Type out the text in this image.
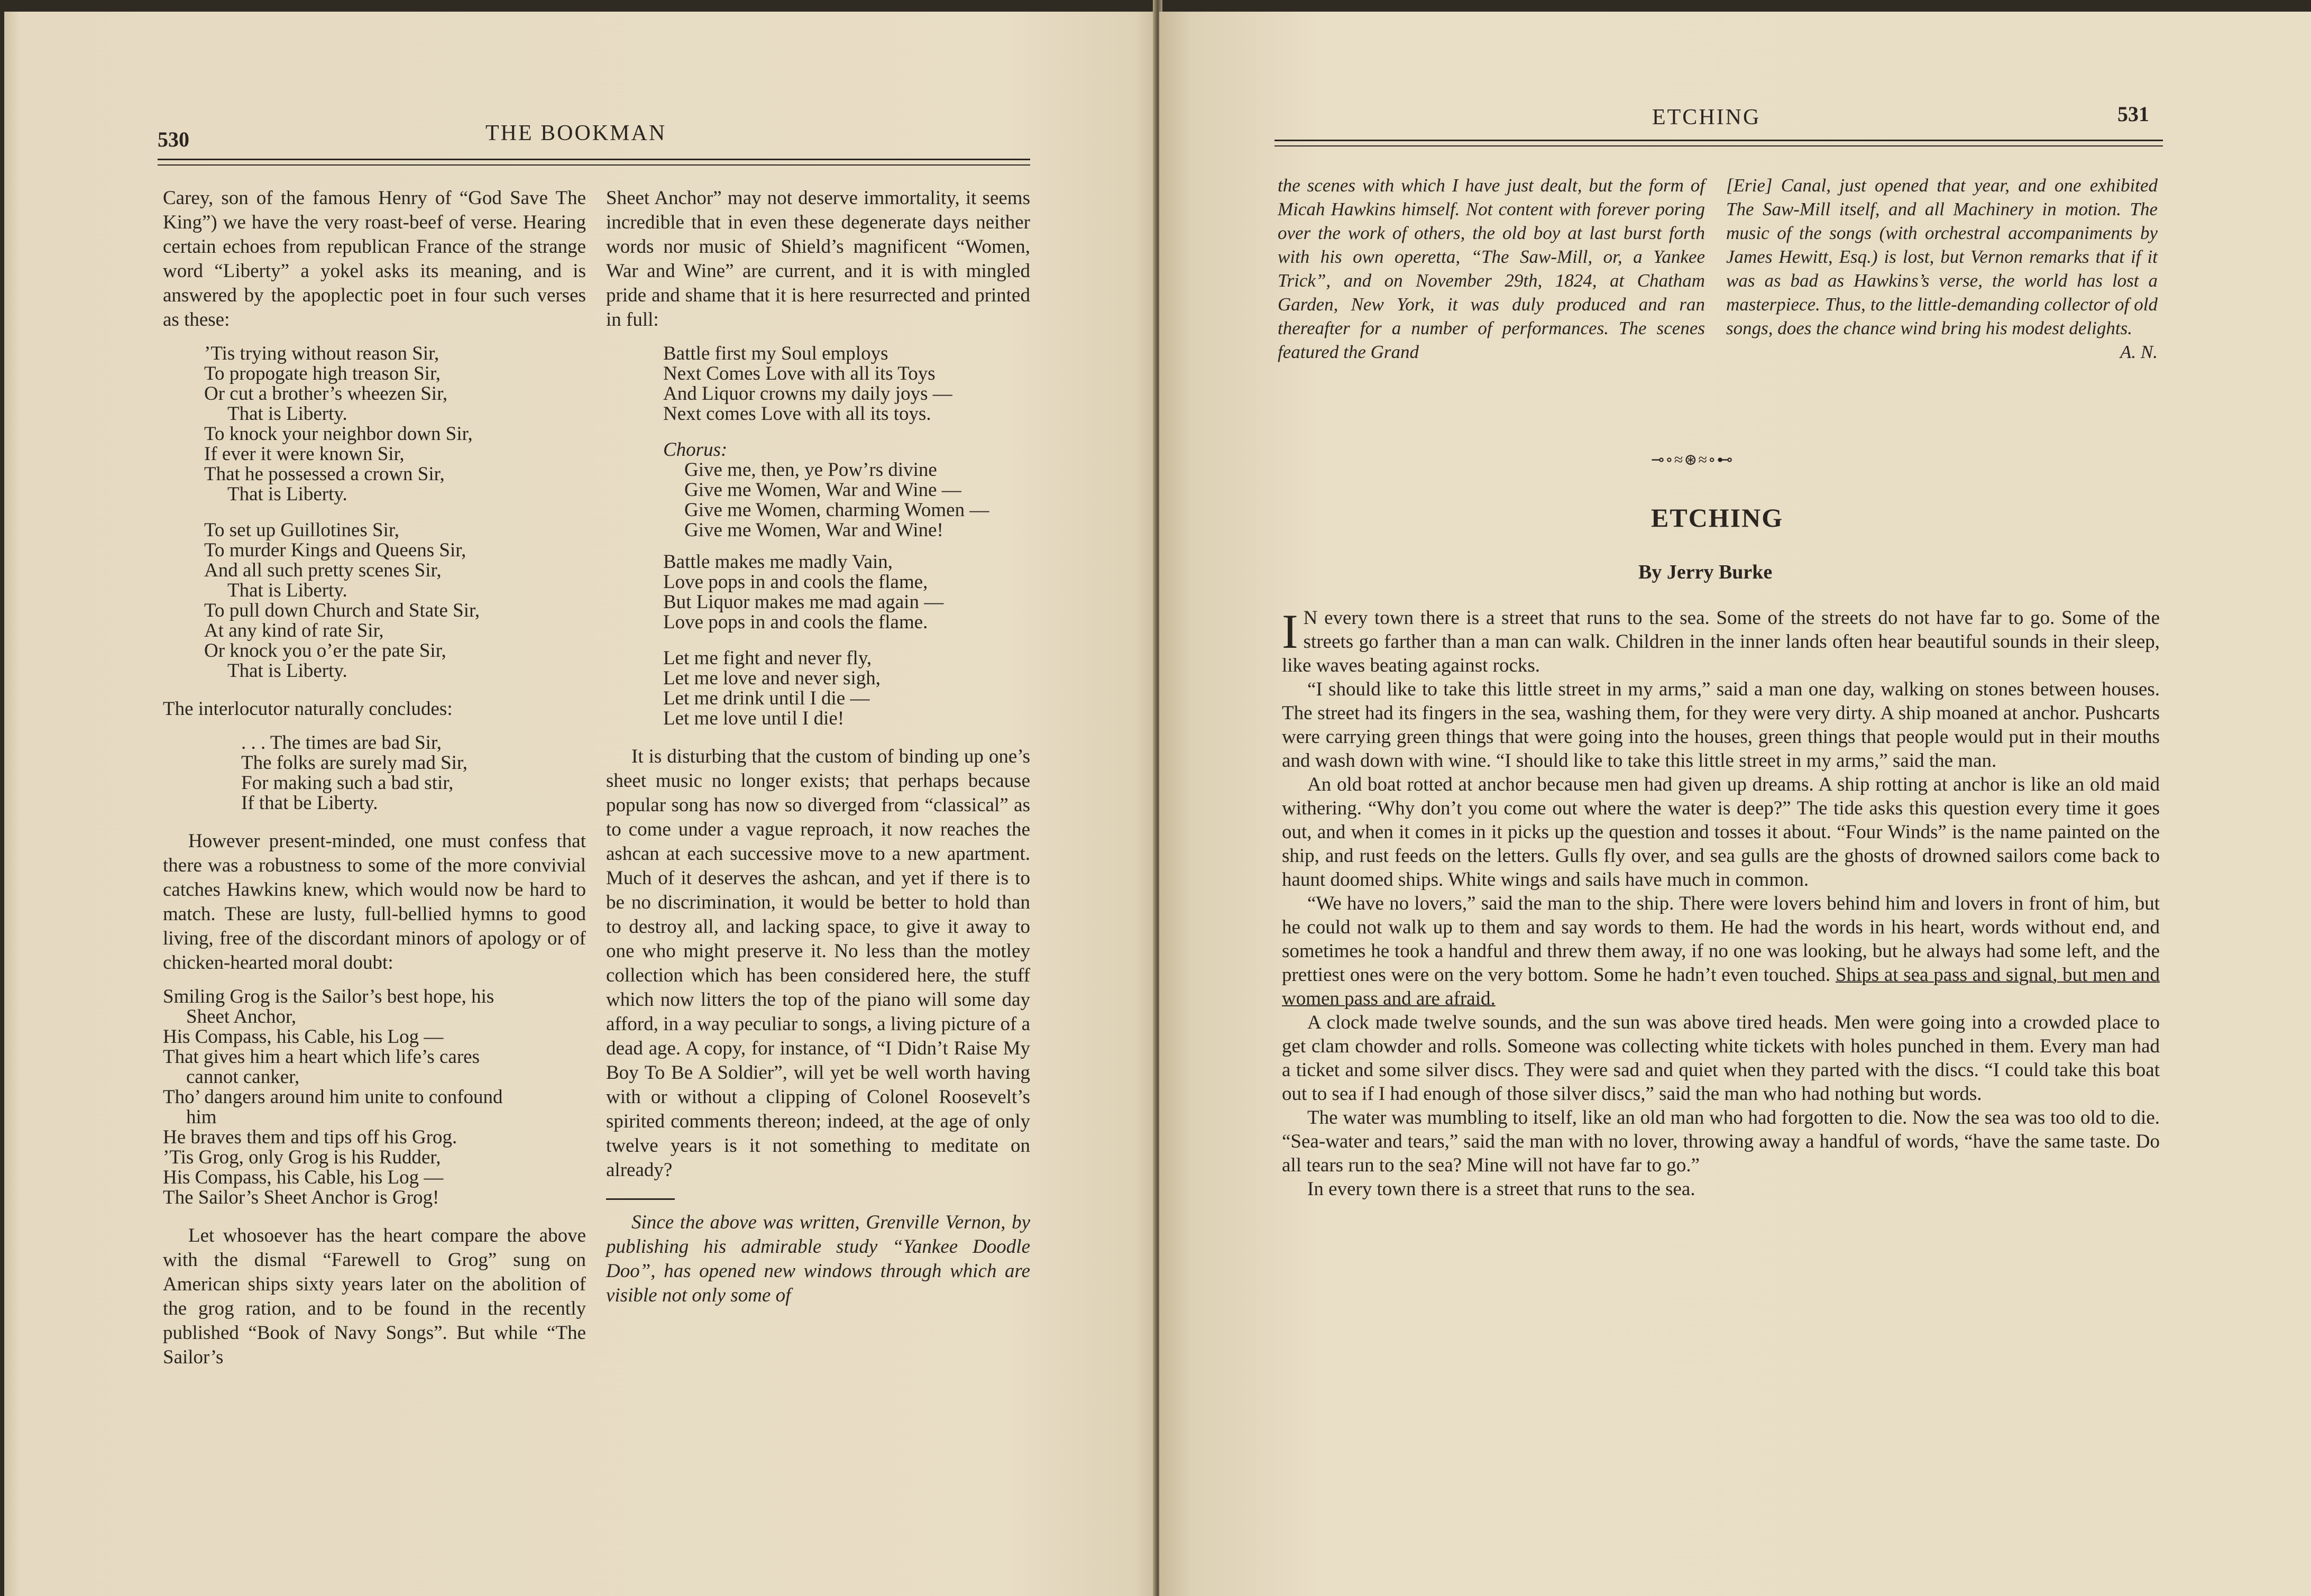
530	THE BOOKMAN

Carey, son of the famous Henry of “God Save The King”) we have the very roast-beef of verse. Hearing certain echoes from republican France of the strange word “Liberty” a yokel asks its meaning, and is answered by the apoplectic poet in four such verses as these:

’Tis trying without reason Sir,
To propogate high treason Sir,
Or cut a brother’s wheezen Sir,
That is Liberty.
To knock your neighbor down Sir,
If ever it were known Sir,
That he possessed a crown Sir,
That is Liberty.
To set up Guillotines Sir,
To murder Kings and Queens Sir,
And all such pretty scenes Sir,
That is Liberty.
To pull down Church and State Sir,
At any kind of rate Sir,
Or knock you o’er the pate Sir,
That is Liberty.

The interlocutor naturally concludes:

. . . The times are bad Sir,
The folks are surely mad Sir,
For making such a bad stir,
If that be Liberty.

However present-minded, one must confess that there was a robustness to some of the more convivial catches Hawkins knew, which would now be hard to match. These are lusty, full-bellied hymns to good living, free of the discordant minors of apology or of chicken-hearted moral doubt:

Smiling Grog is the Sailor’s best hope, his
Sheet Anchor,
His Compass, his Cable, his Log —
That gives him a heart which life’s cares
cannot canker,
Tho’ dangers around him unite to confound
him
He braves them and tips off his Grog.
’Tis Grog, only Grog is his Rudder,
His Compass, his Cable, his Log —
The Sailor’s Sheet Anchor is Grog!

Let whosoever has the heart compare the above with the dismal “Farewell to Grog” sung on American ships sixty years later on the abolition of the grog ration, and to be found in the recently published “Book of Navy Songs”. But while “The Sailor’s

Sheet Anchor” may not deserve immortality, it seems incredible that in even these degenerate days neither words nor music of Shield’s magnificent “Women, War and Wine” are current, and it is with mingled pride and shame that it is here resurrected and printed in full:

Battle first my Soul employs
Next Comes Love with all its Toys
And Liquor crowns my daily joys —
Next comes Love with all its toys.
Chorus:
Give me, then, ye Pow’rs divine
Give me Women, War and Wine —
Give me Women, charming Women —
Give me Women, War and Wine!
Battle makes me madly Vain,
Love pops in and cools the flame,
But Liquor makes me mad again —
Love pops in and cools the flame.
Let me fight and never fly,
Let me love and never sigh,
Let me drink until I die —
Let me love until I die!

It is disturbing that the custom of binding up one’s sheet music no longer exists; that perhaps because popular song has now so diverged from “classical” as to come under a vague reproach, it now reaches the ashcan at each successive move to a new apartment. Much of it deserves the ashcan, and yet if there is to be no discrimination, it would be better to hold than to destroy all, and lacking space, to give it away to one who might preserve it. No less than the motley collection which has been considered here, the stuff which now litters the top of the piano will some day afford, in a way peculiar to songs, a living picture of a dead age. A copy, for instance, of “I Didn’t Raise My Boy To Be A Soldier”, will yet be well worth having with or without a clipping of Colonel Roosevelt’s spirited comments thereon; indeed, at the age of only twelve years is it not something to meditate on already?

Since the above was written, Grenville Vernon, by publishing his admirable study “Yankee Doodle Doo”, has opened new windows through which are visible not only some of

ETCHING	531
the scenes with which I have just dealt, but the form of Micah Hawkins himself. Not content with forever poring over the work of others, the old boy at last burst forth with his own operetta, “The Saw-Mill, or, a Yankee Trick”, and on November 29th, 1824, at Chatham Garden, New York, it was duly produced and ran thereafter for a number of performances. The scenes featured the Grand
[Erie] Canal, just opened that year, and one exhibited The Saw-Mill itself, and all Machinery in motion. The music of the songs (with orchestral accompaniments by James Hewitt, Esq.) is lost, but Vernon remarks that if it was as bad as Hawkins’s verse, the world has lost a masterpiece. Thus, to the little-demanding collector of old songs, does the chance wind bring his modest delights.
A. N.
⊸∘≈⊛≈∘⊷
ETCHING
By Jerry Burke

I N every town there is a street that runs to the sea. Some of the streets do not have far to go. Some of the streets go farther than a man can walk. Children in the inner lands often hear beautiful sounds in their sleep, like waves beating against rocks.

“I should like to take this little street in my arms,” said a man one day, walking on stones between houses. The street had its fingers in the sea, washing them, for they were very dirty. A ship moaned at anchor. Pushcarts were carrying green things that were going into the houses, green things that people would put in their mouths and wash down with wine. “I should like to take this little street in my arms,” said the man.

An old boat rotted at anchor because men had given up dreams. A ship rotting at anchor is like an old maid withering. “Why don’t you come out where the water is deep?” The tide asks this question every time it goes out, and when it comes in it picks up the question and tosses it about. “Four Winds” is the name painted on the ship, and rust feeds on the letters. Gulls fly over, and sea gulls are the ghosts of drowned sailors come back to haunt doomed ships. White wings and sails have much in common.

“We have no lovers,” said the man to the ship. There were lovers behind him and lovers in front of him, but he could not walk up to them and say words to them. He had the words in his heart, words without end, and sometimes he took a handful and threw them away, if no one was looking, but he always had some left, and the prettiest ones were on the very bottom. Some he hadn’t even touched. Ships at sea pass and signal, but men and women pass and are afraid.

A clock made twelve sounds, and the sun was above tired heads. Men were going into a crowded place to get clam chowder and rolls. Someone was collecting white tickets with holes punched in them. Every man had a ticket and some silver discs. They were sad and quiet when they parted with the discs. “I could take this boat out to sea if I had enough of those silver discs,” said the man who had nothing but words.

The water was mumbling to itself, like an old man who had forgotten to die. Now the sea was too old to die. “Sea-water and tears,” said the man with no lover, throwing away a handful of words, “have the same taste. Do all tears run to the sea? Mine will not have far to go.”

In every town there is a street that runs to the sea.
